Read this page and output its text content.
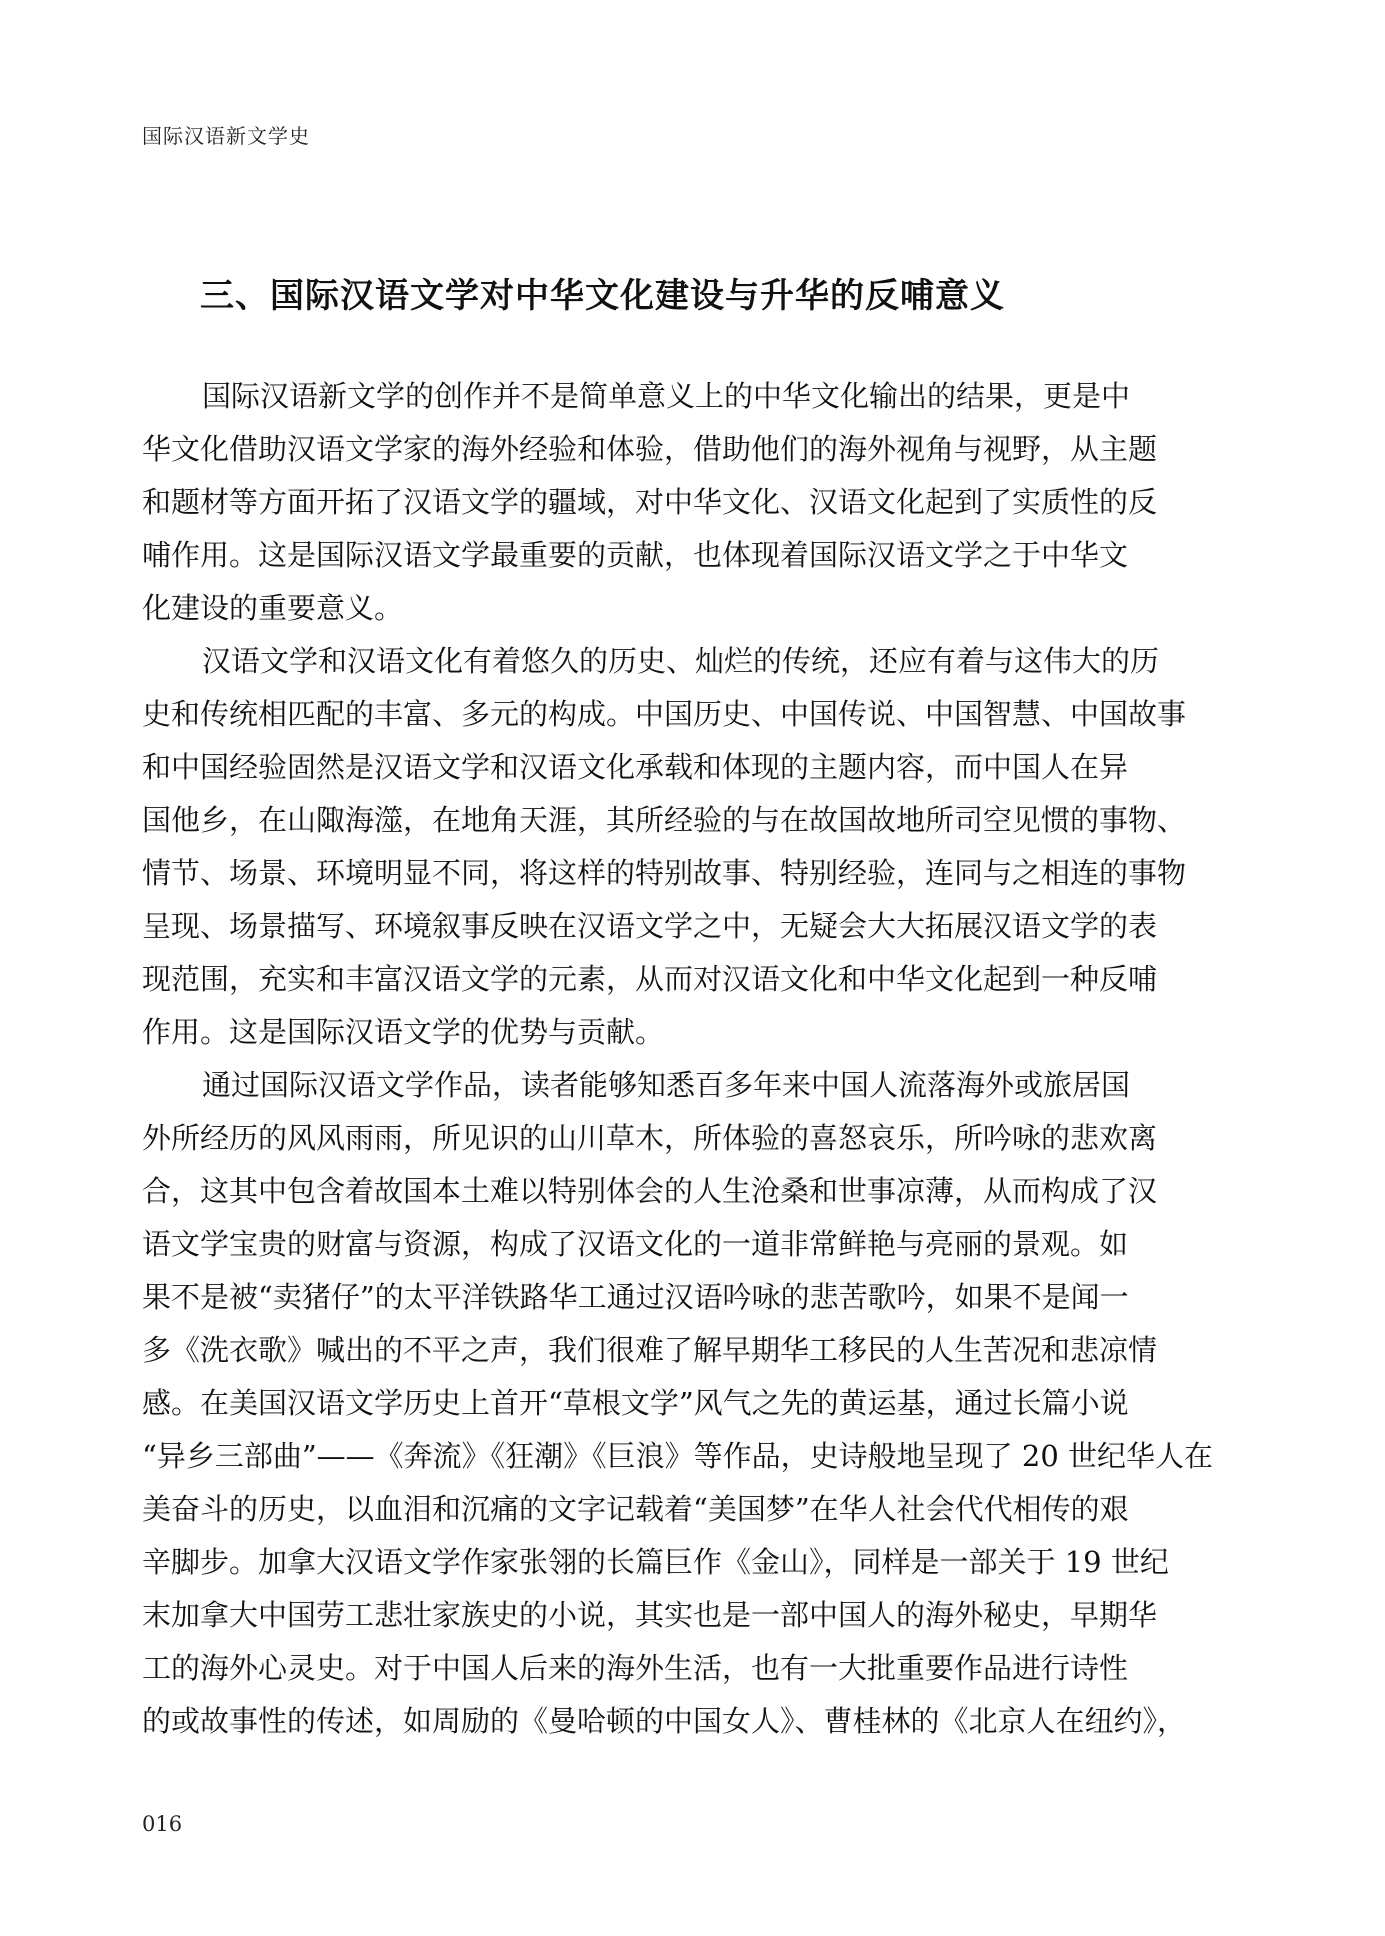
国际汉语新文学史
三、国际汉语文学对中华文化建设与升华的反哺意义
国际汉语新文学的创作并不是简单意义上的中华文化输出的结果，更是中
华文化借助汉语文学家的海外经验和体验，借助他们的海外视角与视野，从主题
和题材等方面开拓了汉语文学的疆域，对中华文化、汉语文化起到了实质性的反
哺作用。这是国际汉语文学最重要的贡献，也体现着国际汉语文学之于中华文
化建设的重要意义。
汉语文学和汉语文化有着悠久的历史、灿烂的传统，还应有着与这伟大的历
史和传统相匹配的丰富、多元的构成。中国历史、中国传说、中国智慧、中国故事
和中国经验固然是汉语文学和汉语文化承载和体现的主题内容，而中国人在异
国他乡，在山陬海澨，在地角天涯，其所经验的与在故国故地所司空见惯的事物、
情节、场景、环境明显不同，将这样的特别故事、特别经验，连同与之相连的事物
呈现、场景描写、环境叙事反映在汉语文学之中，无疑会大大拓展汉语文学的表
现范围，充实和丰富汉语文学的元素，从而对汉语文化和中华文化起到一种反哺
作用。这是国际汉语文学的优势与贡献。
通过国际汉语文学作品，读者能够知悉百多年来中国人流落海外或旅居国
外所经历的风风雨雨，所见识的山川草木，所体验的喜怒哀乐，所吟咏的悲欢离
合，这其中包含着故国本土难以特别体会的人生沧桑和世事凉薄，从而构成了汉
语文学宝贵的财富与资源，构成了汉语文化的一道非常鲜艳与亮丽的景观。如
果不是被“卖猪仔”的太平洋铁路华工通过汉语吟咏的悲苦歌吟，如果不是闻一
多《洗衣歌》喊出的不平之声，我们很难了解早期华工移民的人生苦况和悲凉情
感。在美国汉语文学历史上首开“草根文学”风气之先的黄运基，通过长篇小说
“异乡三部曲”——《奔流》《狂潮》《巨浪》等作品，史诗般地呈现了 20 世纪华人在
美奋斗的历史，以血泪和沉痛的文字记载着“美国梦”在华人社会代代相传的艰
辛脚步。加拿大汉语文学作家张翎的长篇巨作《金山》，同样是一部关于 19 世纪
末加拿大中国劳工悲壮家族史的小说，其实也是一部中国人的海外秘史，早期华
工的海外心灵史。对于中国人后来的海外生活，也有一大批重要作品进行诗性
的或故事性的传述，如周励的《曼哈顿的中国女人》、曹桂林的《北京人在纽约》，
016
